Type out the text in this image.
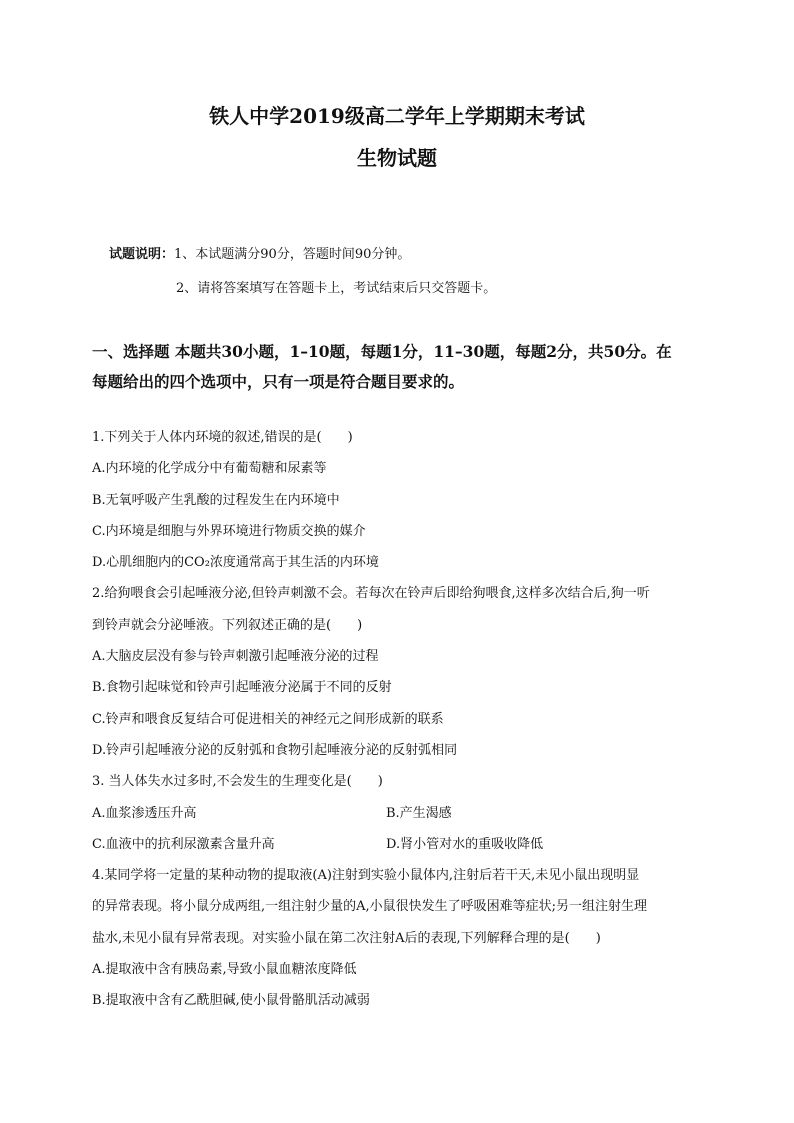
铁人中学2019级高二学年上学期期末考试
生物试题
试题说明：1、本试题满分90分，答题时间90分钟。
2、请将答案填写在答题卡上，考试结束后只交答题卡。
一、选择题 本题共30小题，1–10题，每题1分，11–30题，每题2分，共50分。在
每题给出的四个选项中，只有一项是符合题目要求的。
1.下列关于人体内环境的叙述,错误的是(　　)
A.内环境的化学成分中有葡萄糖和尿素等
B.无氧呼吸产生乳酸的过程发生在内环境中
C.内环境是细胞与外界环境进行物质交换的媒介
D.心肌细胞内的CO₂浓度通常高于其生活的内环境
2.给狗喂食会引起唾液分泌,但铃声刺激不会。若每次在铃声后即给狗喂食,这样多次结合后,狗一听
到铃声就会分泌唾液。下列叙述正确的是(　　)
A.大脑皮层没有参与铃声刺激引起唾液分泌的过程
B.食物引起味觉和铃声引起唾液分泌属于不同的反射
C.铃声和喂食反复结合可促进相关的神经元之间形成新的联系
D.铃声引起唾液分泌的反射弧和食物引起唾液分泌的反射弧相同
3. 当人体失水过多时,不会发生的生理变化是(　　)
A.血浆渗透压升高	B.产生渴感
C.血液中的抗利尿激素含量升高	D.肾小管对水的重吸收降低
4.某同学将一定量的某种动物的提取液(A)注射到实验小鼠体内,注射后若干天,未见小鼠出现明显
的异常表现。将小鼠分成两组,一组注射少量的A,小鼠很快发生了呼吸困难等症状;另一组注射生理
盐水,未见小鼠有异常表现。对实验小鼠在第二次注射A后的表现,下列解释合理的是(　　)
A.提取液中含有胰岛素,导致小鼠血糖浓度降低
B.提取液中含有乙酰胆碱,使小鼠骨骼肌活动减弱
